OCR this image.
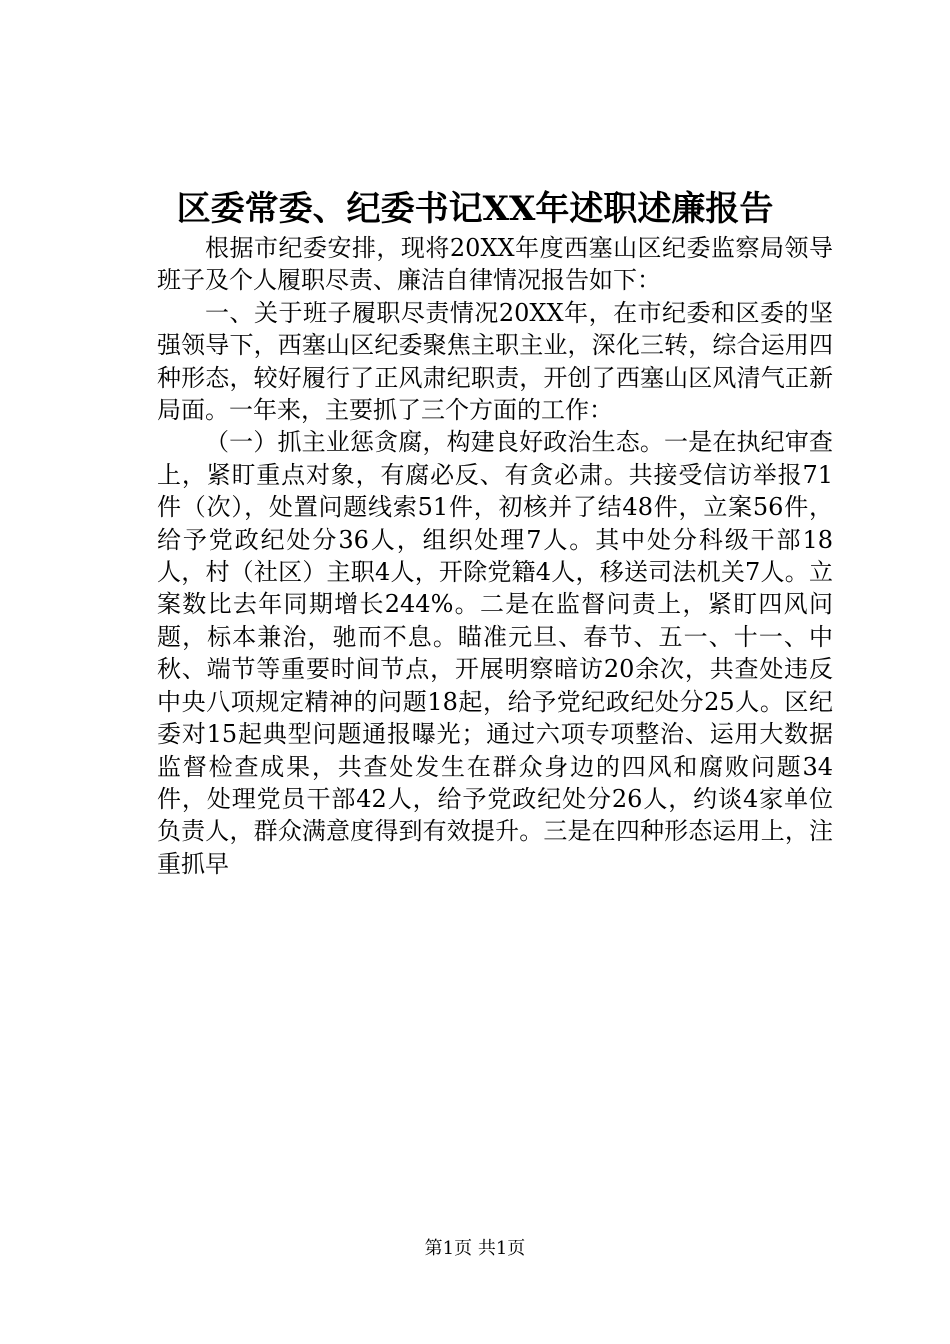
区委常委、纪委书记XX年述职述廉报告

根据市纪委安排，现将20XX年度西塞山区纪委监察局领导班子及个人履职尽责、廉洁自律情况报告如下：

一、关于班子履职尽责情况20XX年，在市纪委和区委的坚强领导下，西塞山区纪委聚焦主职主业，深化三转，综合运用四种形态，较好履行了正风肃纪职责，开创了西塞山区风清气正新局面。一年来，主要抓了三个方面的工作：

（一）抓主业惩贪腐，构建良好政治生态。一是在执纪审查上，紧盯重点对象，有腐必反、有贪必肃。共接受信访举报71件（次），处置问题线索51件，初核并了结48件，立案56件，给予党政纪处分36人，组织处理7人。其中处分科级干部18人，村（社区）主职4人，开除党籍4人，移送司法机关7人。立案数比去年同期增长244%。二是在监督问责上，紧盯四风问题，标本兼治，驰而不息。瞄准元旦、春节、五一、十一、中秋、端节等重要时间节点，开展明察暗访20余次，共查处违反中央八项规定精神的问题18起，给予党纪政纪处分25人。区纪委对15起典型问题通报曝光；通过六项专项整治、运用大数据监督检查成果，共查处发生在群众身边的四风和腐败问题34件，处理党员干部42人，给予党政纪处分26人，约谈4家单位负责人，群众满意度得到有效提升。三是在四种形态运用上，注重抓早

第1页 共1页
